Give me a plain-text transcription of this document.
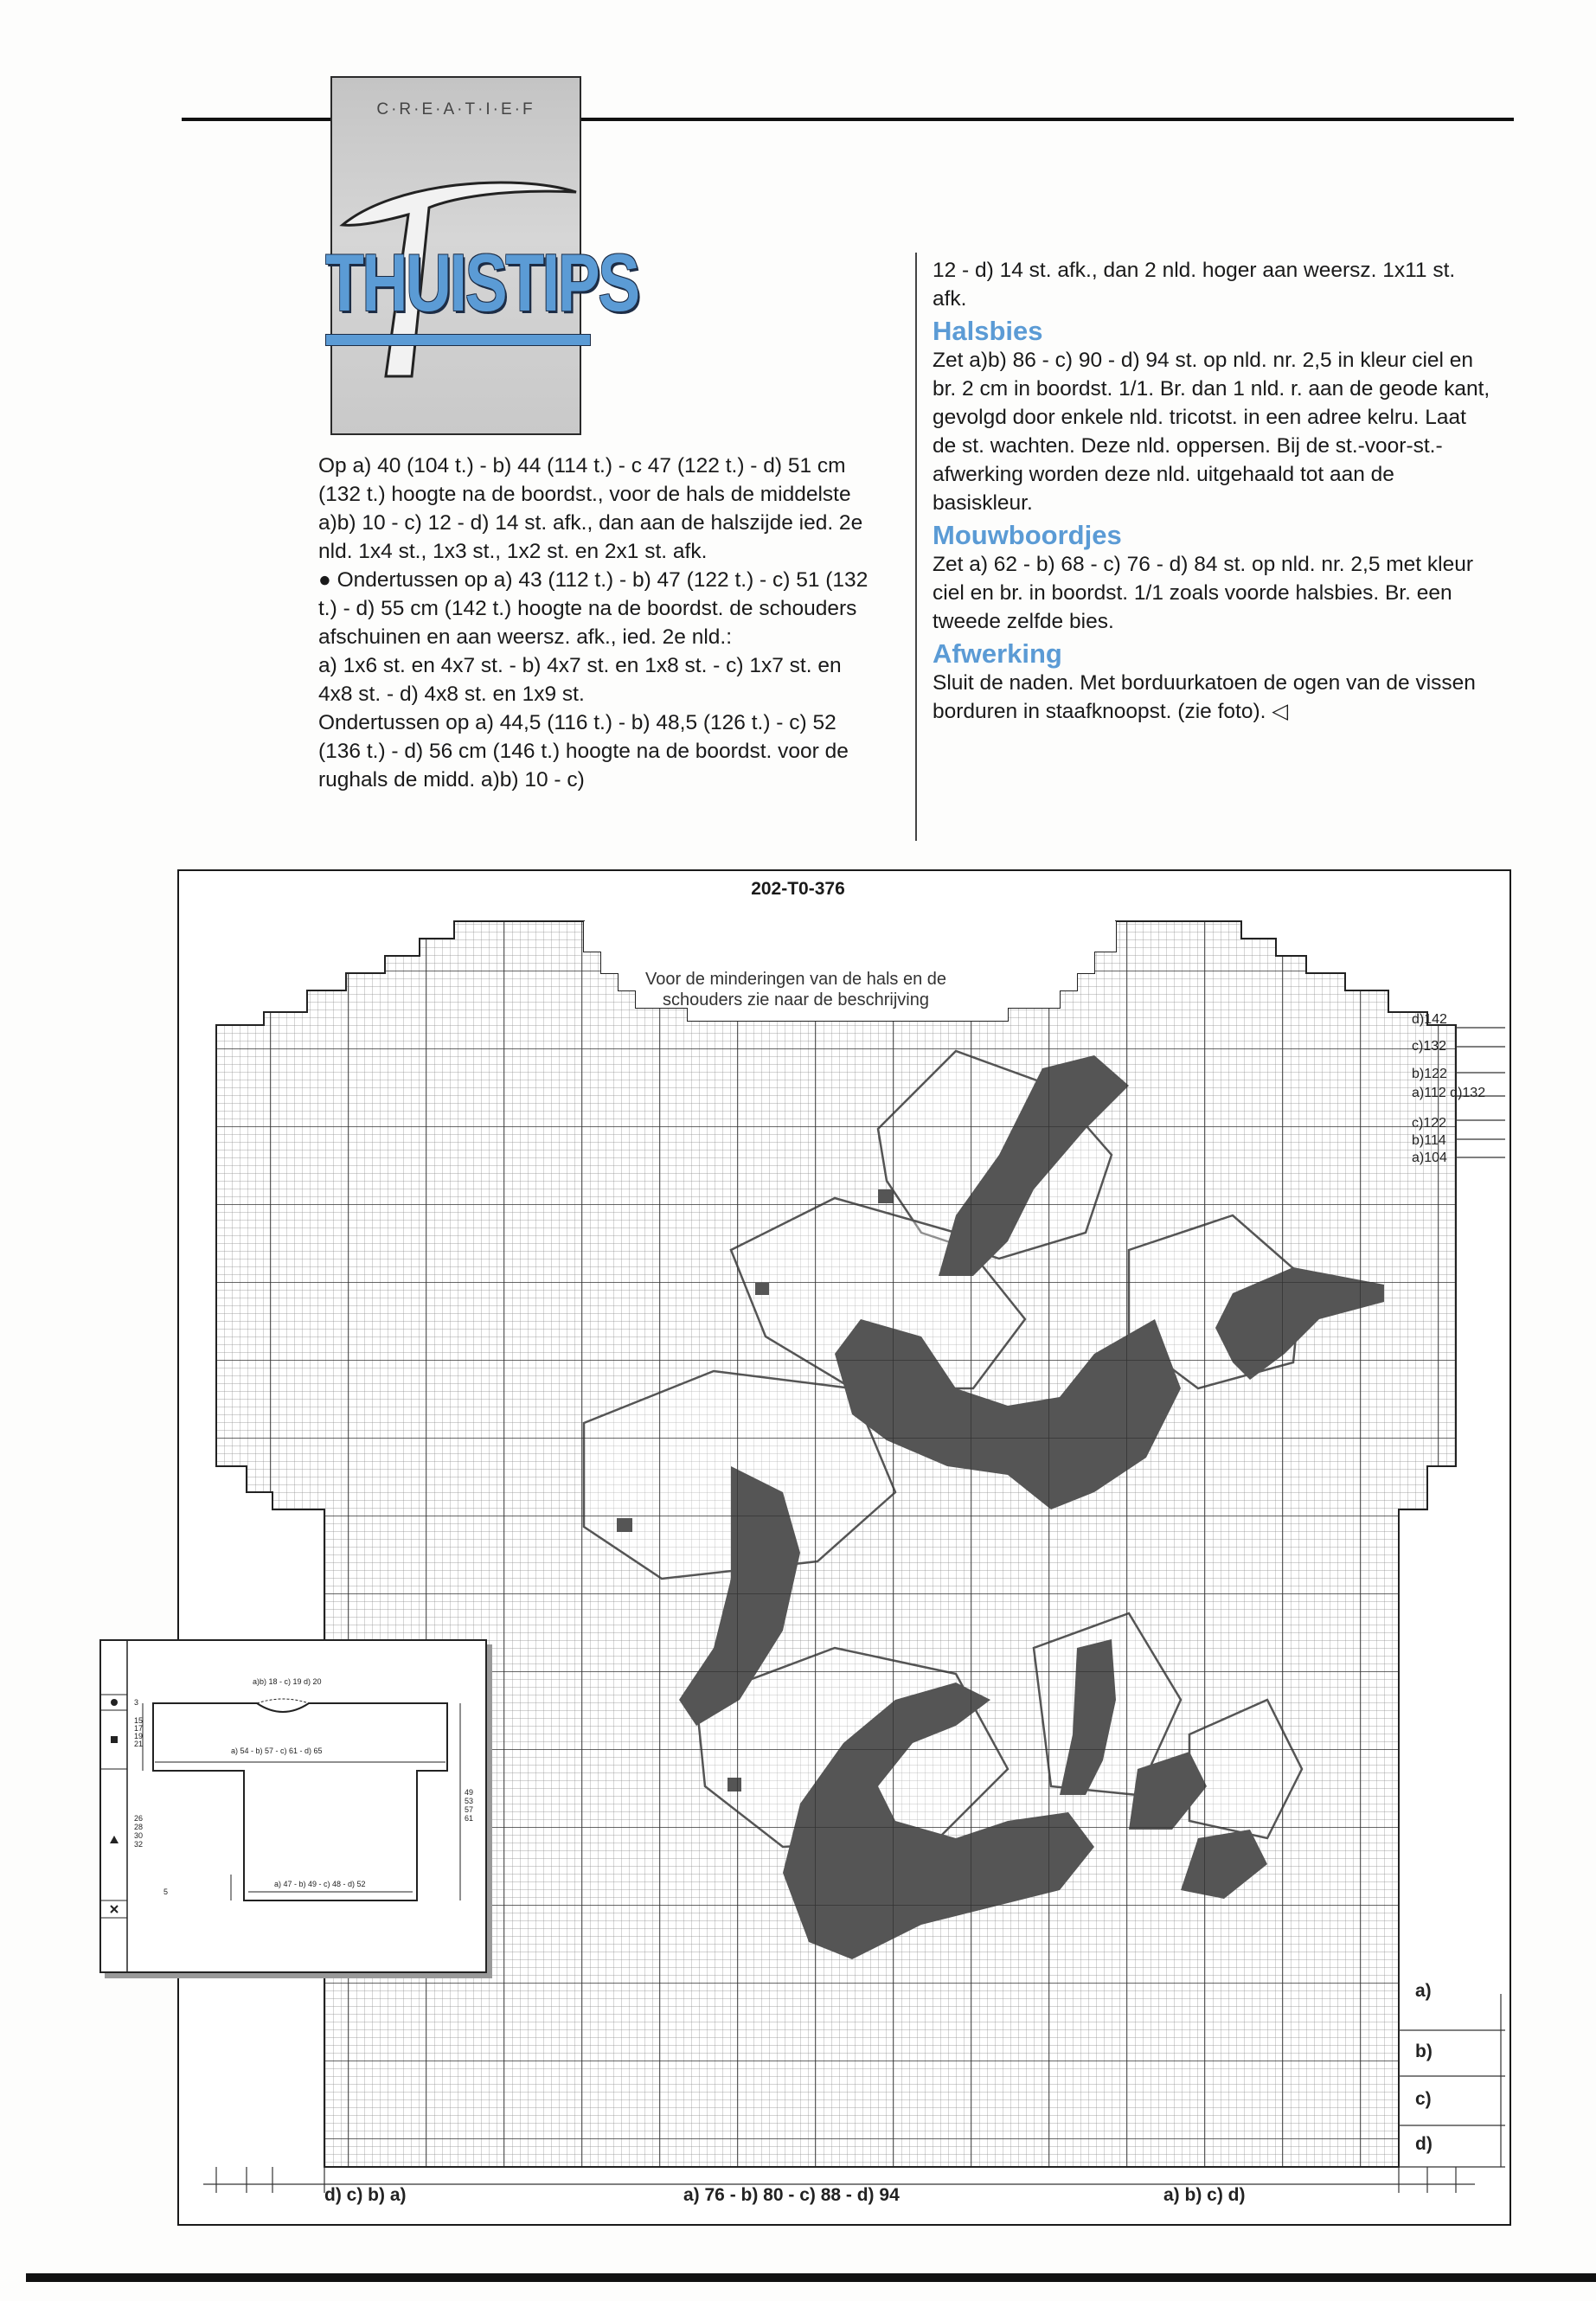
C·R·E·A·T·I·E·F
THUISTIPS

Op a) 40 (104 t.) - b) 44 (114 t.) - c 47 (122 t.) - d) 51 cm (132 t.) hoogte na de boordst., voor de hals de middelste a)b) 10 - c) 12 - d) 14 st. afk., dan aan de halszijde ied. 2e nld. 1x4 st., 1x3 st., 1x2 st. en 2x1 st. afk.

● Ondertussen op a) 43 (112 t.) - b) 47 (122 t.) - c) 51 (132 t.) - d) 55 cm (142 t.) hoogte na de boordst. de schouders afschuinen en aan weersz. afk., ied. 2e nld.:

a) 1x6 st. en 4x7 st. - b) 4x7 st. en 1x8 st. - c) 1x7 st. en 4x8 st. - d) 4x8 st. en 1x9 st.

Ondertussen op a) 44,5 (116 t.) - b) 48,5 (126 t.) - c) 52 (136 t.) - d) 56 cm (146 t.) hoogte na de boordst. voor de rughals de midd. a)b) 10 - c)

12 - d) 14 st. afk., dan 2 nld. hoger aan weersz. 1x11 st. afk.

Halsbies

Zet a)b) 86 - c) 90 - d) 94 st. op nld. nr. 2,5 in kleur ciel en br. 2 cm in boordst. 1/1. Br. dan 1 nld. r. aan de geode kant, gevolgd door enkele nld. tricotst. in een adree kelru. Laat de st. wachten. Deze nld. oppersen. Bij de st.-voor-st.-afwerking worden deze nld. uitgehaald tot aan de basiskleur.

Mouwboordjes

Zet a) 62 - b) 68 - c) 76 - d) 84 st. op nld. nr. 2,5 met kleur ciel en br. in boordst. 1/1 zoals voorde halsbies. Br. een tweede zelfde bies.

Afwerking

Sluit de naden. Met borduurkatoen de ogen van de vissen borduren in staafknoopst. (zie foto). ◁

202-T0-376
Voor de minderingen van de hals en de schouders zie naar de beschrijving
d)142
c)132
b)122
a)112 d)132
c)122
b)114
a)104
a)
b)
c)
d)
d) c) b) a)	a) 76 - b) 80 - c) 88 - d) 94	a) b) c) d)
a)b) 18 - c) 19 d) 20
a) 54 - b) 57 - c) 61 - d) 65
a) 47 - b) 49 - c) 48 - d) 52
3
15 17 19 21
26 28 30 32
49 53 57 61
5
